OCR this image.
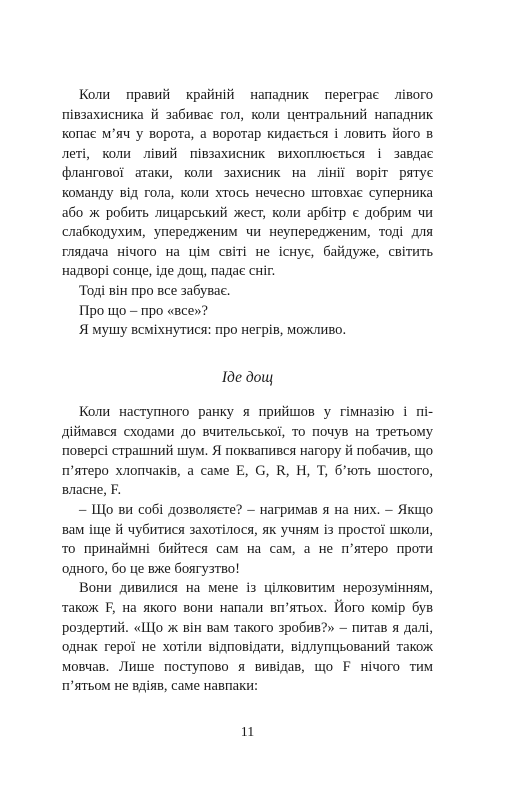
Коли правий крайній нападник перегрaє лівого півзахисника й забиває гол, коли центральний нападник копає м’яч у ворота, а воротар кидається і ловить його в леті, коли лівий півзахисник вихоплюється і завдає флангової атаки, коли захисник на лінії воріт рятує команду від гола, коли хтось нечесно штовхає суперника або ж робить лицарський жест, коли арбітр є добрим чи слабкодухим, упередженим чи неупередженим, тоді для глядача нічого на цім світі не існує, байдуже, світить надворі сонце, іде дощ, падає сніг.

Тоді він про все забуває.

Про що – про «все»?

Я мушу всміхнутися: про негрів, можливо.

Іде дощ

Коли наступного ранку я прийшов у гімназію і підіймався сходами до вчительської, то почув на третьому поверсі страшний шум. Я поквапився нагору й побачив, що п’ятеро хлопчаків, а саме E, G, R, H, T, б’ють шостого, власне, F.

– Що ви собі дозволяєте? – нагримав я на них. – Якщо вам іще й чубитися захотілося, як учням із простої школи, то принаймні бийтеся сам на сам, а не п’ятеро проти одного, бо це вже боягузтво!

Вони дивилися на мене із цілковитим нерозумінням, також F, на якого вони напали вп’ятьох. Його комір був роздертий. «Що ж він вам такого зробив?» – питав я далі, однак герої не хотіли відповідати, відлупцьований також мовчав. Лише поступово я вивідав, що F нічого тим п’ятьом не вдіяв, саме навпаки:

11
